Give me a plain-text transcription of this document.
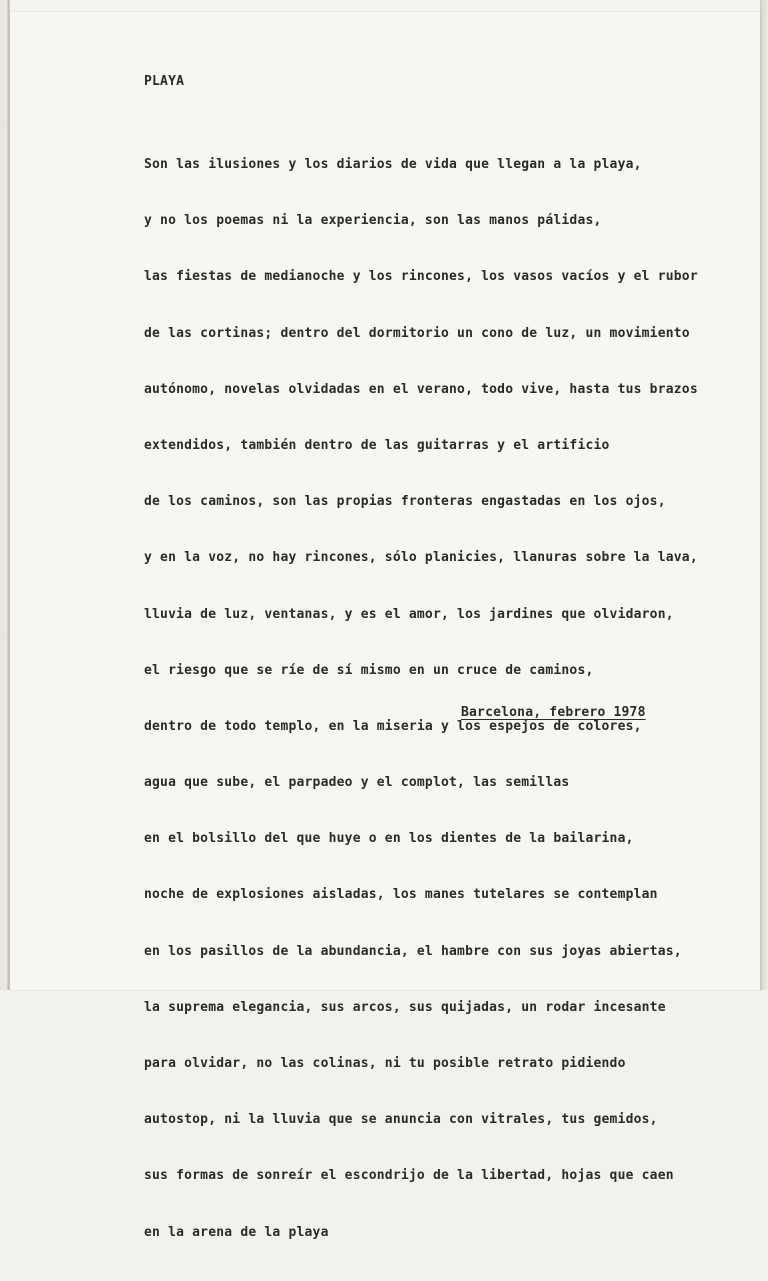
PLAYA

Son las ilusiones y los diarios de vida que llegan a la playa,

y no los poemas ni la experiencia, son las manos pálidas,

las fiestas de medianoche y los rincones, los vasos vacíos y el rubor

de las cortinas; dentro del dormitorio un cono de luz, un movimiento

autónomo, novelas olvidadas en el verano, todo vive, hasta tus brazos

extendidos, también dentro de las guitarras y el artificio

de los caminos, son las propias fronteras engastadas en los ojos,

y en la voz, no hay rincones, sólo planicies, llanuras sobre la lava,

lluvia de luz, ventanas, y es el amor, los jardines que olvidaron,

el riesgo que se ríe de sí mismo en un cruce de caminos,

dentro de todo templo, en la miseria y los espejos de colores,

agua que sube, el parpadeo y el complot, las semillas

en el bolsillo del que huye o en los dientes de la bailarina,

noche de explosiones aisladas, los manes tutelares se contemplan

en los pasillos de la abundancia, el hambre con sus joyas abiertas,

la suprema elegancia, sus arcos, sus quijadas, un rodar incesante

para olvidar, no las colinas, ni tu posible retrato pidiendo

autostop, ni la lluvia que se anuncia con vitrales, tus gemidos,

sus formas de sonreír el escondrijo de la libertad, hojas que caen

en la arena de la playa

Barcelona, febrero 1978
